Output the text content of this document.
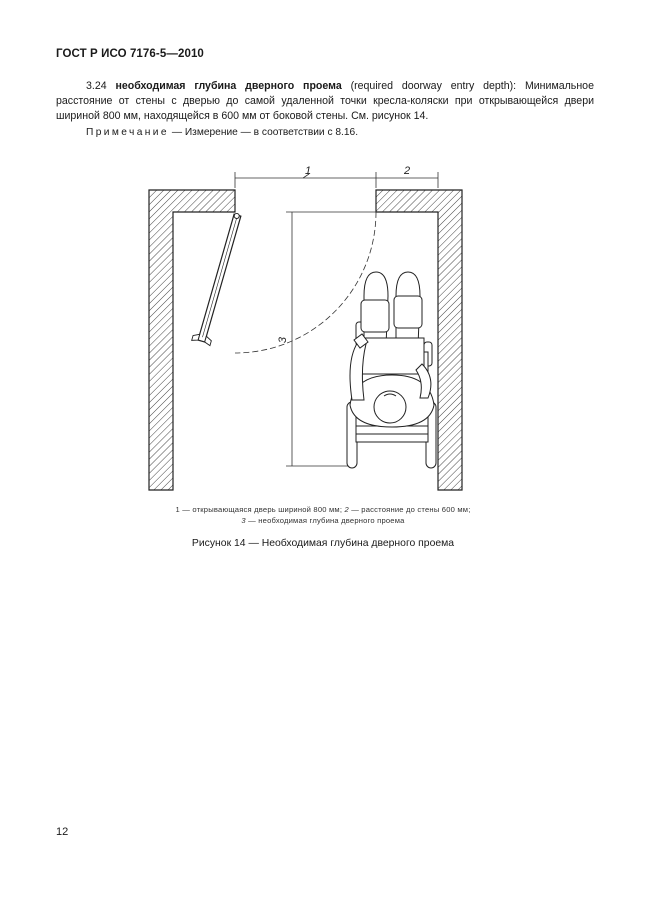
ГОСТ Р ИСО 7176-5—2010
3.24 необходимая глубина дверного проема (required doorway entry depth): Минимальное расстояние от стены с дверью до самой удаленной точки кресла-коляски при открывающейся двери шириной 800 мм, находящейся в 600 мм от боковой стены. См. рисунок 14.
Примечание — Измерение — в соответствии с 8.16.
1	2
3
1 — открывающаяся дверь шириной 800 мм; 2 — расстояние до стены 600 мм;
3 — необходимая глубина дверного проема
Рисунок 14 — Необходимая глубина дверного проема
12
